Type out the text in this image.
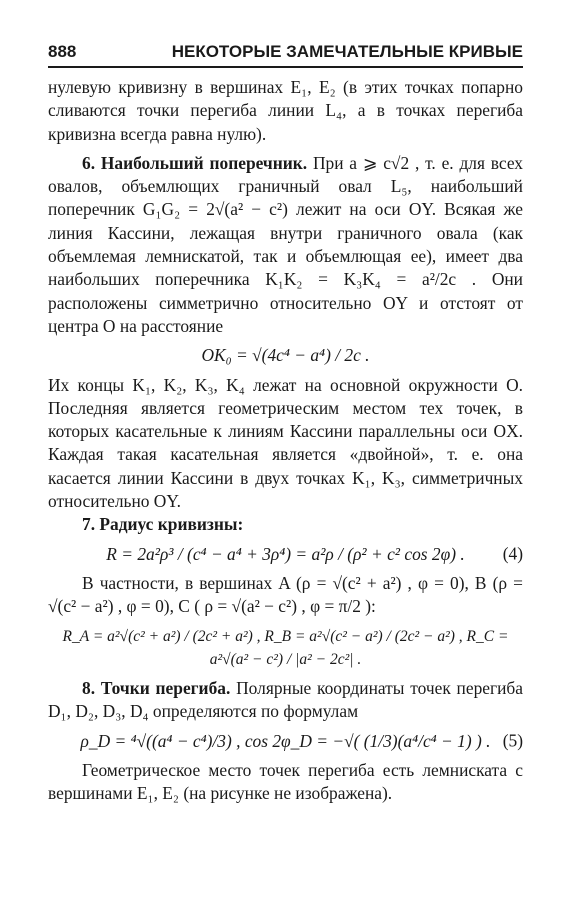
888	НЕКОТОРЫЕ ЗАМЕЧАТЕЛЬНЫЕ КРИВЫЕ

нулевую кривизну в вершинах E₁, E₂ (в этих точках попарно сливаются точки перегиба линии L₄, а в точках перегиба кривизна всегда равна нулю).

6. Наибольший поперечник. При a ⩾ c√2 , т. е. для всех овалов, объемлющих граничный овал L₅, наибольший поперечник G₁G₂ = 2√(a² − c²) лежит на оси OY. Всякая же линия Кассини, лежащая внутри граничного овала (как объемлемая лемнискатой, так и объемлющая ее), имеет два наибольших поперечника K₁K₂ = K₃K₄ = a²/2c . Они расположены симметрично относительно OY и отстоят от центра O на расстояние

OK₀ = √(4c⁴ − a⁴) / 2c .

Их концы K₁, K₂, K₃, K₄ лежат на основной окружности O. Последняя является геометрическим местом тех точек, в которых касательные к линиям Кассини параллельны оси OX. Каждая такая касательная является «двойной», т. е. она касается линии Кассини в двух точках K₁, K₃, симметричных относительно OY.

7. Радиус кривизны:

R = 2a²ρ³ / (c⁴ − a⁴ + 3ρ⁴) = a²ρ / (ρ² + c² cos 2φ) . (4)

В частности, в вершинах A (ρ = √(c² + a²) , φ = 0), B (ρ = √(c² − a²) , φ = 0), C ( ρ = √(a² − c²) , φ = π/2 ):

R_A = a²√(c² + a²) / (2c² + a²) , R_B = a²√(c² − a²) / (2c² − a²) , R_C = a²√(a² − c²) / |a² − 2c²| .

8. Точки перегиба. Полярные координаты точек перегиба D₁, D₂, D₃, D₄ определяются по формулам

ρ_D = ⁴√((a⁴ − c⁴)/3) , cos 2φ_D = −√( (1/3)(a⁴/c⁴ − 1) ) . (5)

Геометрическое место точек перегиба есть лемниската с вершинами E₁, E₂ (на рисунке не изображена).
